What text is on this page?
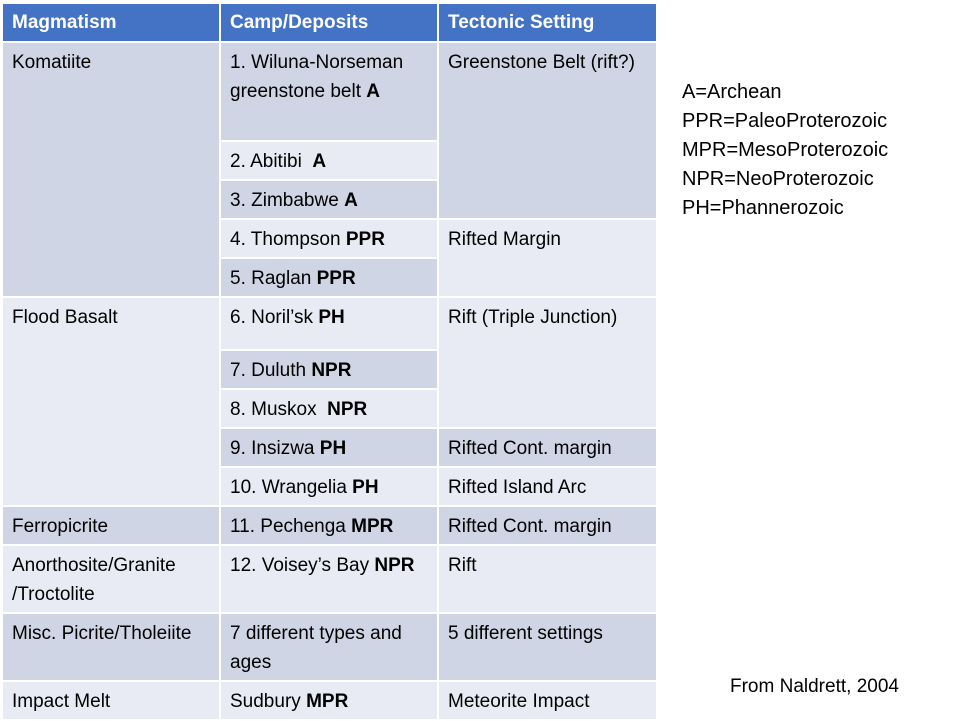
Magmatism	Camp/Deposits	Tectonic Setting
Komatiite	1. Wiluna-Norseman greenstone belt A	Greenstone Belt (rift?)
	2. Abitibi A	
	3. Zimbabwe A	
	4. Thompson PPR	Rifted Margin
	5. Raglan PPR	
Flood Basalt	6. Noril’sk PH	Rift (Triple Junction)
	7. Duluth NPR	
	8. Muskox NPR	
	9. Insizwa PH	Rifted Cont. margin
	10. Wrangelia PH	Rifted Island Arc
Ferropicrite	11. Pechenga MPR	Rifted Cont. margin
Anorthosite/Granite /Troctolite	12. Voisey’s Bay NPR	Rift
Misc. Picrite/Tholeiite	7 different types and ages	5 different settings
Impact Melt	Sudbury MPR	Meteorite Impact
A=Archean
PPR=PaleoProterozoic
MPR=MesoProterozoic
NPR=NeoProterozoic
PH=Phannerozoic
From Naldrett, 2004
